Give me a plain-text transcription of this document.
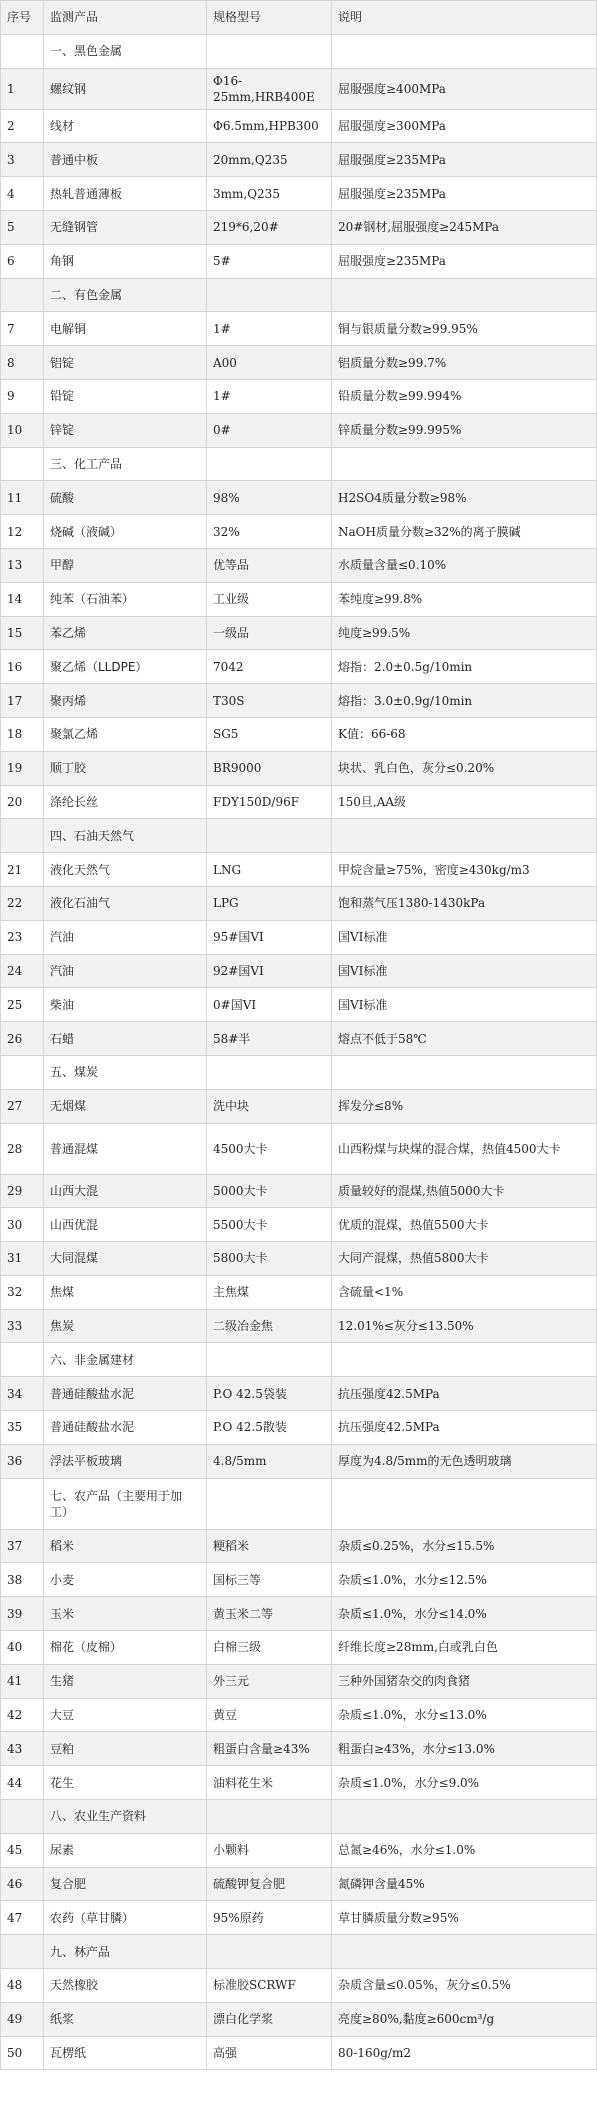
序号	监测产品	规格型号	说明
	一、黑色金属		
1	螺纹钢	Φ16-25mm,HRB400E	屈服强度≥400MPa
2	线材	Φ6.5mm,HPB300	屈服强度≥300MPa
3	普通中板	20mm,Q235	屈服强度≥235MPa
4	热轧普通薄板	3mm,Q235	屈服强度≥235MPa
5	无缝钢管	219*6,20#	20#钢材,屈服强度≥245MPa
6	角钢	5#	屈服强度≥235MPa
	二、有色金属		
7	电解铜	1#	铜与银质量分数≥99.95%
8	铝锭	A00	铝质量分数≥99.7%
9	铅锭	1#	铅质量分数≥99.994%
10	锌锭	0#	锌质量分数≥99.995%
	三、化工产品		
11	硫酸	98%	H2SO4质量分数≥98%
12	烧碱（液碱）	32%	NaOH质量分数≥32%的离子膜碱
13	甲醇	优等品	水质量含量≤0.10%
14	纯苯（石油苯）	工业级	苯纯度≥99.8%
15	苯乙烯	一级品	纯度≥99.5%
16	聚乙烯（LLDPE）	7042	熔指：2.0±0.5g/10min
17	聚丙烯	T30S	熔指：3.0±0.9g/10min
18	聚氯乙烯	SG5	K值：66-68
19	顺丁胶	BR9000	块状、乳白色，灰分≤0.20%
20	涤纶长丝	FDY150D/96F	150旦,AA级
	四、石油天然气		
21	液化天然气	LNG	甲烷含量≥75%，密度≥430kg/m3
22	液化石油气	LPG	饱和蒸气压1380-1430kPa
23	汽油	95#国VI	国VI标准
24	汽油	92#国VI	国VI标准
25	柴油	0#国VI	国VI标准
26	石蜡	58#半	熔点不低于58℃
	五、煤炭		
27	无烟煤	洗中块	挥发分≤8%
28	普通混煤	4500大卡	山西粉煤与块煤的混合煤，热值4500大卡
29	山西大混	5000大卡	质量较好的混煤,热值5000大卡
30	山西优混	5500大卡	优质的混煤，热值5500大卡
31	大同混煤	5800大卡	大同产混煤，热值5800大卡
32	焦煤	主焦煤	含硫量<1%
33	焦炭	二级冶金焦	12.01%≤灰分≤13.50%
	六、非金属建材		
34	普通硅酸盐水泥	P.O 42.5袋装	抗压强度42.5MPa
35	普通硅酸盐水泥	P.O 42.5散装	抗压强度42.5MPa
36	浮法平板玻璃	4.8/5mm	厚度为4.8/5mm的无色透明玻璃
	七、农产品（主要用于加工）		
37	稻米	粳稻米	杂质≤0.25%，水分≤15.5%
38	小麦	国标三等	杂质≤1.0%，水分≤12.5%
39	玉米	黄玉米二等	杂质≤1.0%，水分≤14.0%
40	棉花（皮棉）	白棉三级	纤维长度≥28mm,白或乳白色
41	生猪	外三元	三种外国猪杂交的肉食猪
42	大豆	黄豆	杂质≤1.0%，水分≤13.0%
43	豆粕	粗蛋白含量≥43%	粗蛋白≥43%，水分≤13.0%
44	花生	油料花生米	杂质≤1.0%，水分≤9.0%
	八、农业生产资料		
45	尿素	小颗料	总氮≥46%，水分≤1.0%
46	复合肥	硫酸钾复合肥	氮磷钾含量45%
47	农药（草甘膦）	95%原药	草甘膦质量分数≥95%
	九、林产品		
48	天然橡胶	标准胶SCRWF	杂质含量≤0.05%，灰分≤0.5%
49	纸浆	漂白化学浆	亮度≥80%,黏度≥600cm³/g
50	瓦楞纸	高强	80-160g/m2
